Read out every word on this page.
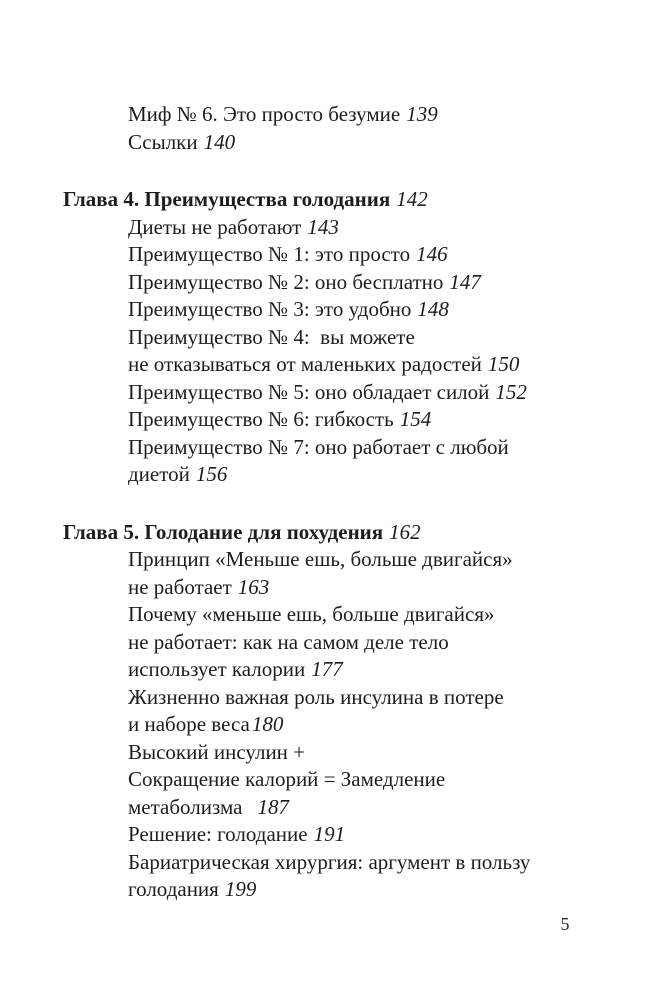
Миф № 6. Это просто безумие 139
Ссылки 140
Глава 4. Преимущества голодания 142
Диеты не работают 143
Преимущество № 1: это просто 146
Преимущество № 2: оно бесплатно 147
Преимущество № 3: это удобно 148
Преимущество № 4:  вы можете
не отказываться от маленьких радостей 150
Преимущество № 5: оно обладает силой 152
Преимущество № 6: гибкость 154
Преимущество № 7: оно работает с любой
диетой 156
Глава 5. Голодание для похудения 162
Принцип «Меньше ешь, больше двигайся»
не работает 163
Почему «меньше ешь, больше двигайся»
не работает: как на самом деле тело
использует калории 177
Жизненно важная роль инсулина в потере
и наборе веса180
Высокий инсулин +
Сокращение калорий = Замедление
метаболизма 187
Решение: голодание 191
Бариатрическая хирургия: аргумент в пользу
голодания 199
5
